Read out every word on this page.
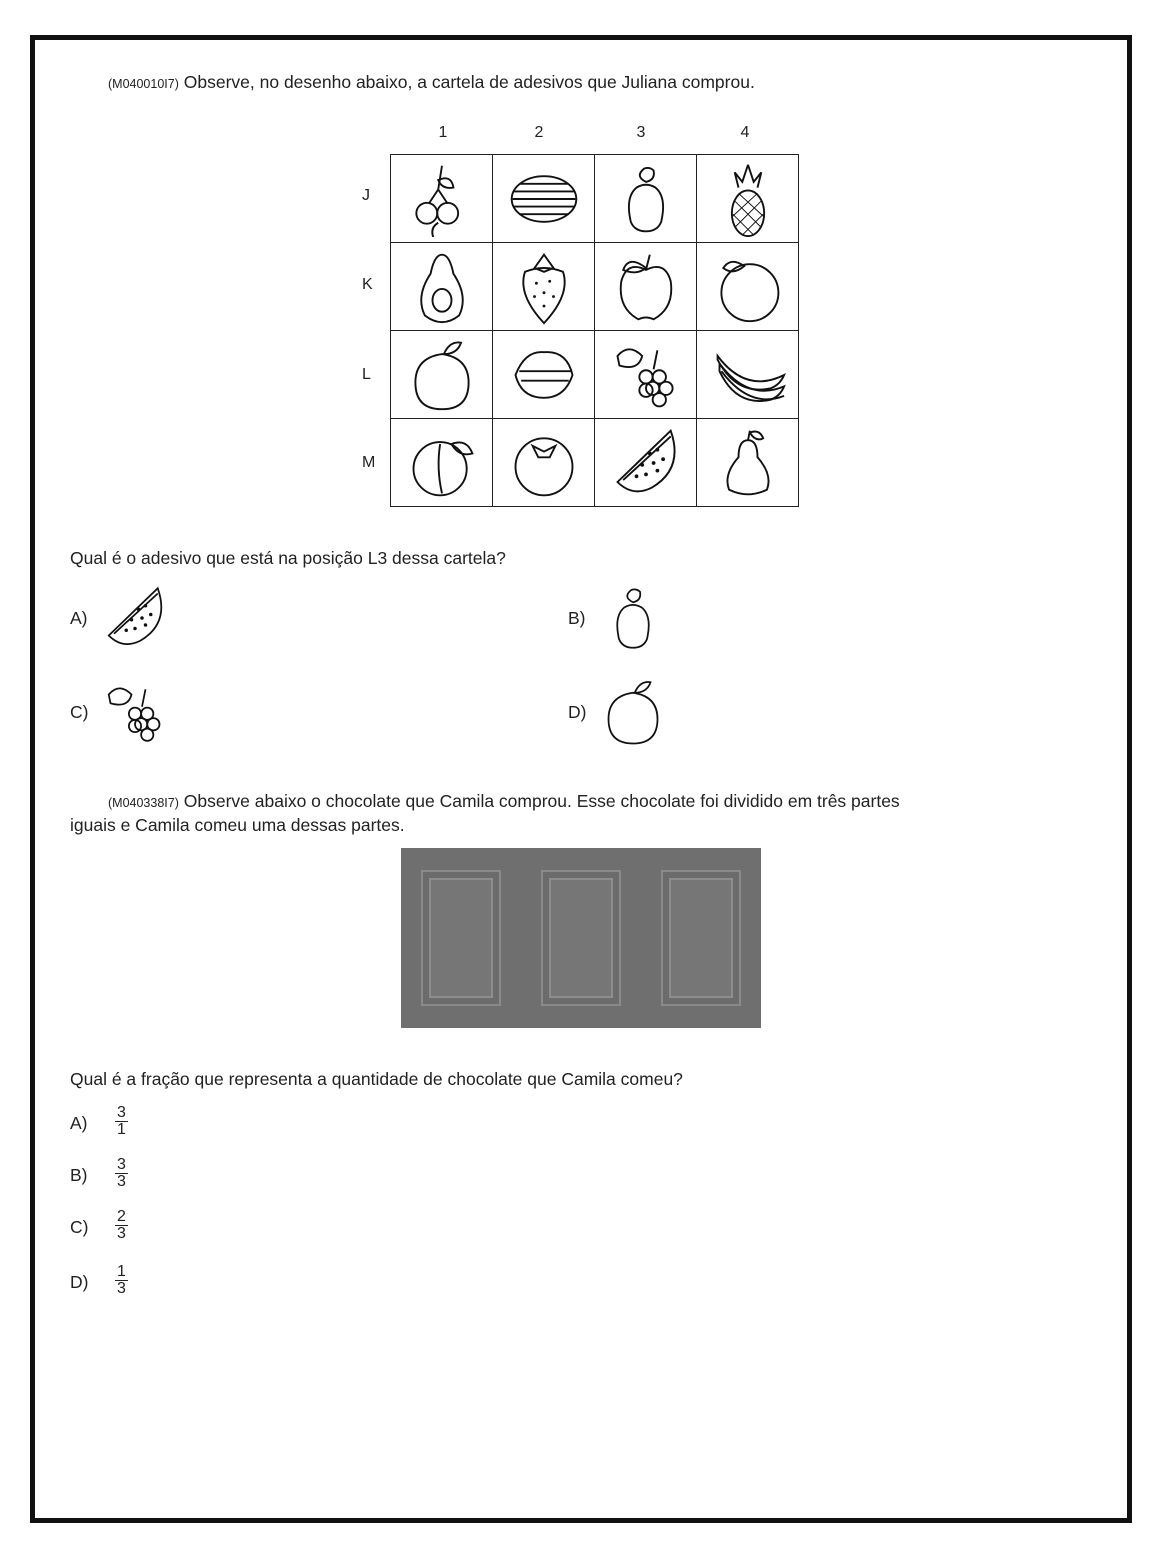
(M040010I7) Observe, no desenho abaixo, a cartela de adesivos que Juliana comprou.
1	2	3	4
J
K
L
M
Qual é o adesivo que está na posição L3 dessa cartela?
A)	B)
C)	D)
(M040338I7) Observe abaixo o chocolate que Camila comprou. Esse chocolate foi dividido em três partes
iguais e Camila comeu uma dessas partes.
Qual é a fração que representa a quantidade de chocolate que Camila comeu?
$A) \frac{3}{1}$
$B) \frac{3}{3}$
$C) \frac{2}{3}$
$D) \frac{1}{3}$
